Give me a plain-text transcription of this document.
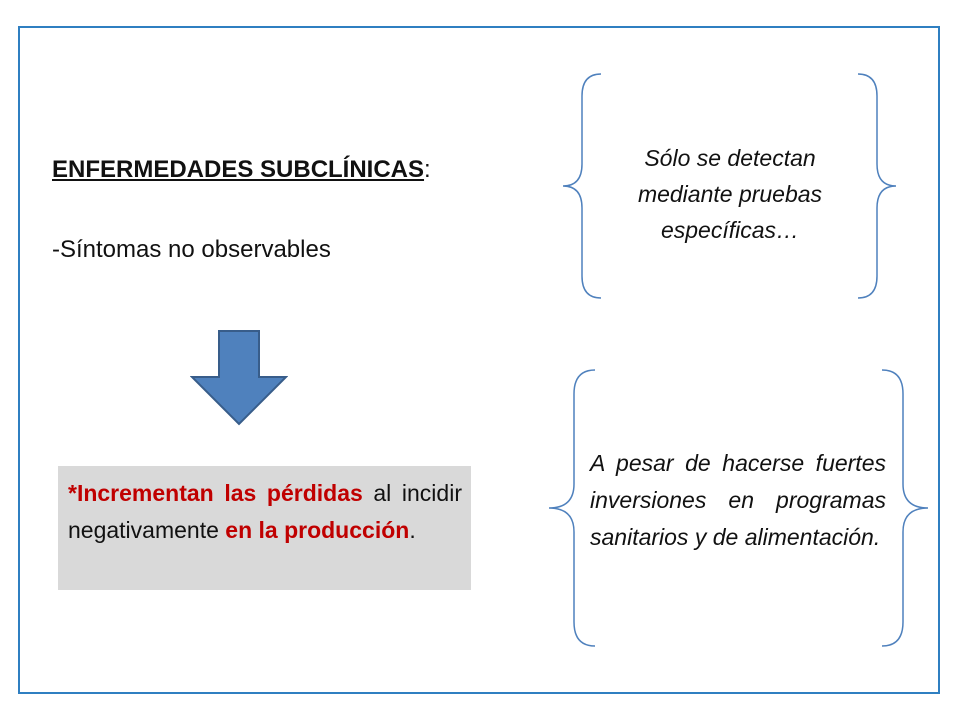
ENFERMEDADES SUBCLÍNICAS:
-Síntomas no observables
*Incrementan las pérdidas al incidir negativamente en la producción.
Sólo se detectan mediante pruebas específicas…
A pesar de hacerse fuertes inversiones en programas sanitarios y de alimentación.
